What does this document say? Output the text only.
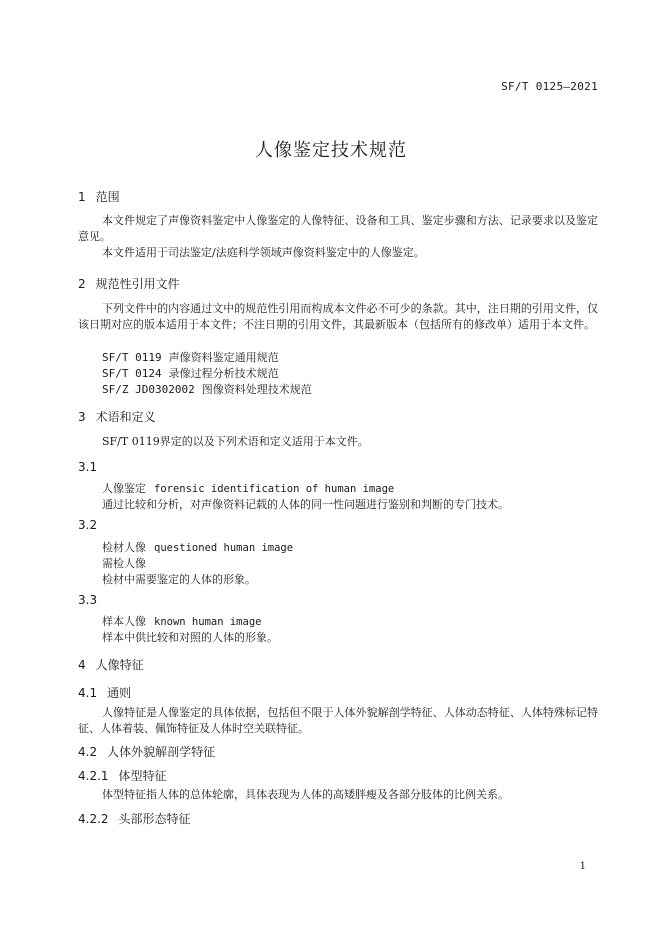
SF/T 0125—2021
人像鉴定技术规范
1 范围
本文件规定了声像资料鉴定中人像鉴定的人像特征、设备和工具、鉴定步骤和方法、记录要求以及鉴定意见。
本文件适用于司法鉴定/法庭科学领域声像资料鉴定中的人像鉴定。
2 规范性引用文件
下列文件中的内容通过文中的规范性引用而构成本文件必不可少的条款。其中，注日期的引用文件，仅该日期对应的版本适用于本文件；不注日期的引用文件，其最新版本（包括所有的修改单）适用于本文件。
SF/T 0119 声像资料鉴定通用规范
SF/T 0124 录像过程分析技术规范
SF/Z JD0302002 图像资料处理技术规范
3 术语和定义
SF/T 0119界定的以及下列术语和定义适用于本文件。
3.1
人像鉴定 forensic identification of human image
通过比较和分析，对声像资料记载的人体的同一性问题进行鉴别和判断的专门技术。
3.2
检材人像 questioned human image
需检人像
检材中需要鉴定的人体的形象。
3.3
样本人像 known human image
样本中供比较和对照的人体的形象。
4 人像特征
4.1 通则
人像特征是人像鉴定的具体依据，包括但不限于人体外貌解剖学特征、人体动态特征、人体特殊标记特征、人体着装、佩饰特征及人体时空关联特征。
4.2 人体外貌解剖学特征
4.2.1 体型特征
体型特征指人体的总体轮廓，具体表现为人体的高矮胖瘦及各部分肢体的比例关系。
4.2.2 头部形态特征
1
